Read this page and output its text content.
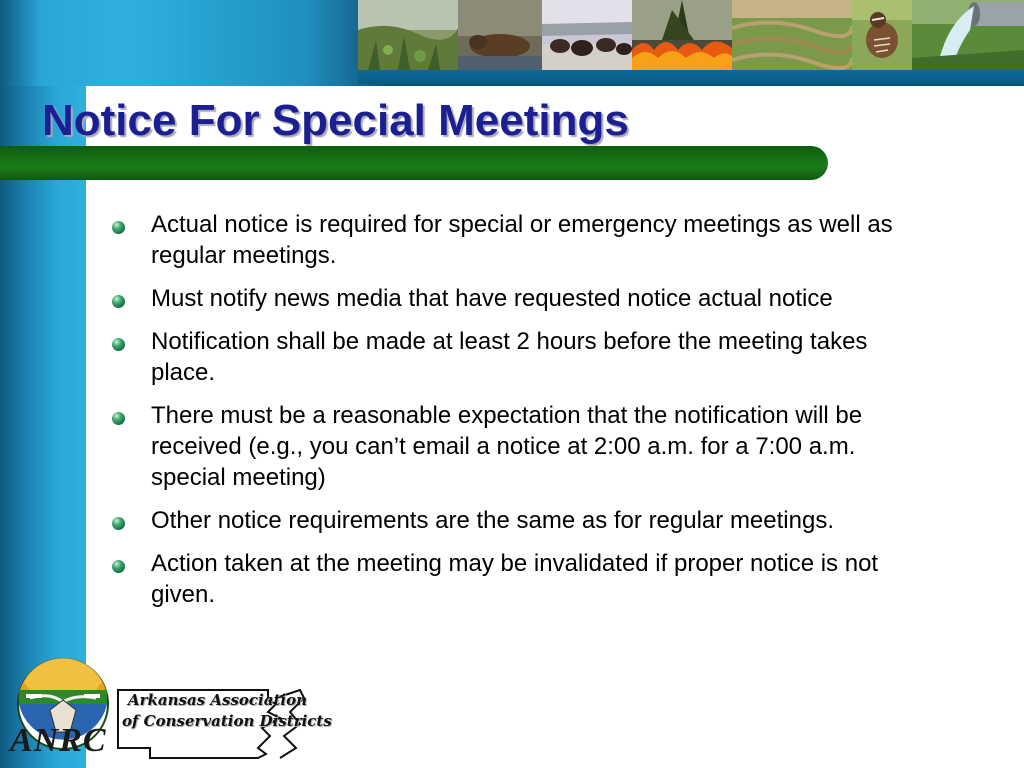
Notice For Special Meetings
Actual notice is required for special or emergency meetings as well as regular meetings.
Must notify news media that have requested notice actual notice
Notification shall be made at least 2 hours before the meeting takes place.
There must be a reasonable expectation that the notification will be received (e.g., you can’t email a notice at 2:00 a.m. for a 7:00 a.m. special meeting)
Other notice requirements are the same as for regular meetings.
Action taken at the meeting may be invalidated if proper notice is not given.
ANRC
Arkansas Association
of Conservation Districts
